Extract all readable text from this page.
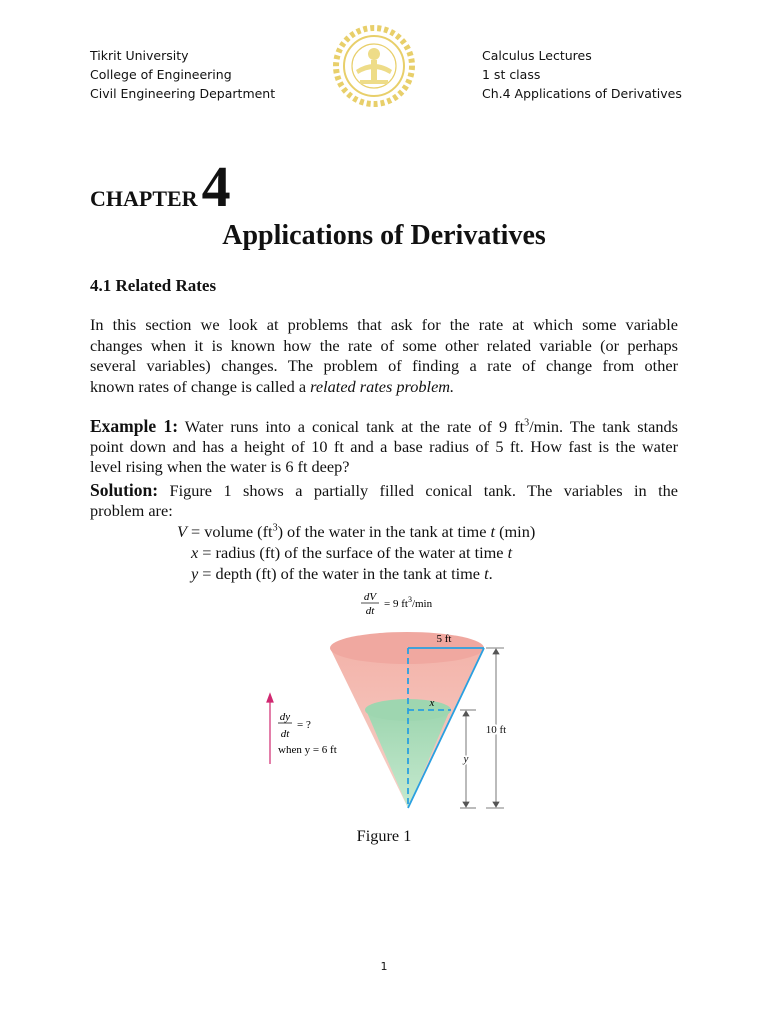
Tikrit University
College of Engineering
Civil Engineering Department
Calculus Lectures
1 st class
Ch.4 Applications of Derivatives
CHAPTER 4
Applications of Derivatives
4.1 Related Rates
In this section we look at problems that ask for the rate at which some variable
changes when it is known how the rate of some other related variable (or perhaps
several variables) changes. The problem of finding a rate of change from other
known rates of change is called a related rates problem.
Example 1: Water runs into a conical tank at the rate of 9 $ft^3/\min$. The tank stands
point down and has a height of 10 ft and a base radius of 5 ft. How fast is the water
level rising when the water is 6 ft deep?
Solution: Figure 1 shows a partially filled conical tank. The variables in the
problem are:
V = volume $(ft^3)$ of the water in the tank at time t (min)
x = radius (ft) of the surface of the water at time t
y = depth (ft) of the water in the tank at time t.
dV
dt
= 9 $ft^3/\min$
5 ft
x
y
10 ft
dy
dt
= ?
when y = 6 ft
Figure 1
1
